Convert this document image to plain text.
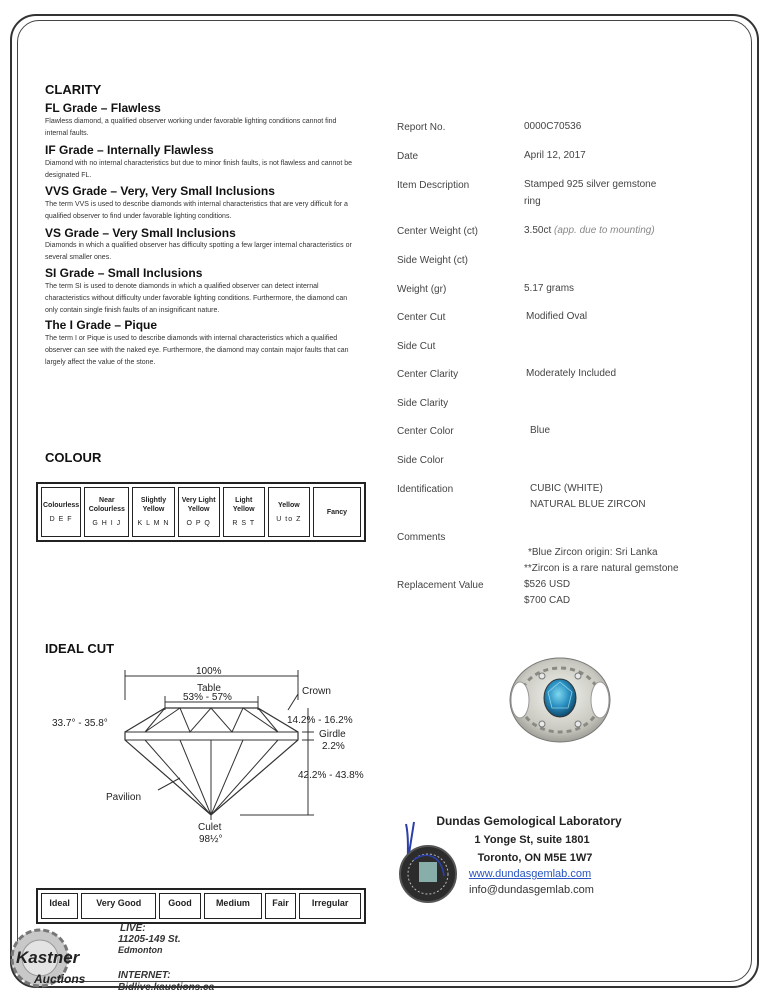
CLARITY
FL Grade – Flawless
Flawless diamond, a qualified observer working under favorable lighting conditions cannot find internal faults.
IF Grade – Internally Flawless
Diamond with no internal characteristics but due to minor finish faults, is not flawless and cannot be designated FL.
VVS Grade – Very, Very Small Inclusions
The term VVS is used to describe diamonds with internal characteristics that are very difficult for a qualified observer to find under favorable lighting conditions.
VS Grade – Very Small Inclusions
Diamonds in which a qualified observer has difficulty spotting a few larger internal characteristics or several smaller ones.
SI Grade – Small Inclusions
The term SI is used to denote diamonds in which a qualified observer can detect internal characteristics without difficulty under favorable lighting conditions. Furthermore, the diamond can only contain single finish faults of an insignificant nature.
The I Grade – Pique
The term I or Pique is used to describe diamonds with internal characteristics which a qualified observer can see with the naked eye. Furthermore, the diamond may contain major faults that can largely affect the value of the stone.
COLOUR
Colourless
D E F
	Near Colourless
G H I J
	Slightly Yellow
K L M N
	Very Light Yellow
O P Q
	Light Yellow
R S T
	Yellow
U to Z
	Fancy
IDEAL CUT
100%
Table
53% - 57%
Crown
33.7° - 35.8°	14.2% - 16.2%
Girdle
2.2%
42.2% - 43.8%
Pavilion
Culet
98½°
Ideal	Very Good	Good	Medium	Fair	Irregular
Report No.	0000C70536
Date	April 12, 2017
Item Description	Stamped 925 silver gemstone
ring
Center Weight (ct)	3.50ct (app. due to mounting)
Side Weight (ct)
Weight (gr)	5.17 grams
Center Cut	Modified Oval
Side Cut
Center Clarity	Moderately Included
Side Clarity
Center Color	Blue
Side Color
Identification	CUBIC (WHITE)
NATURAL BLUE ZIRCON
Comments
*Blue Zircon origin: Sri Lanka
**Zircon is a rare natural gemstone
Replacement Value	$526 USD
$700 CAD
Dundas Gemological Laboratory
1 Yonge St, suite 1801
Toronto, ON M5E 1W7
www.dundasgemlab.com
info@dundasgemlab.com
Kastner
Auctions
LIVE:
11205-149 St.
Edmonton
INTERNET:
Bidlive.kauctions.ca
